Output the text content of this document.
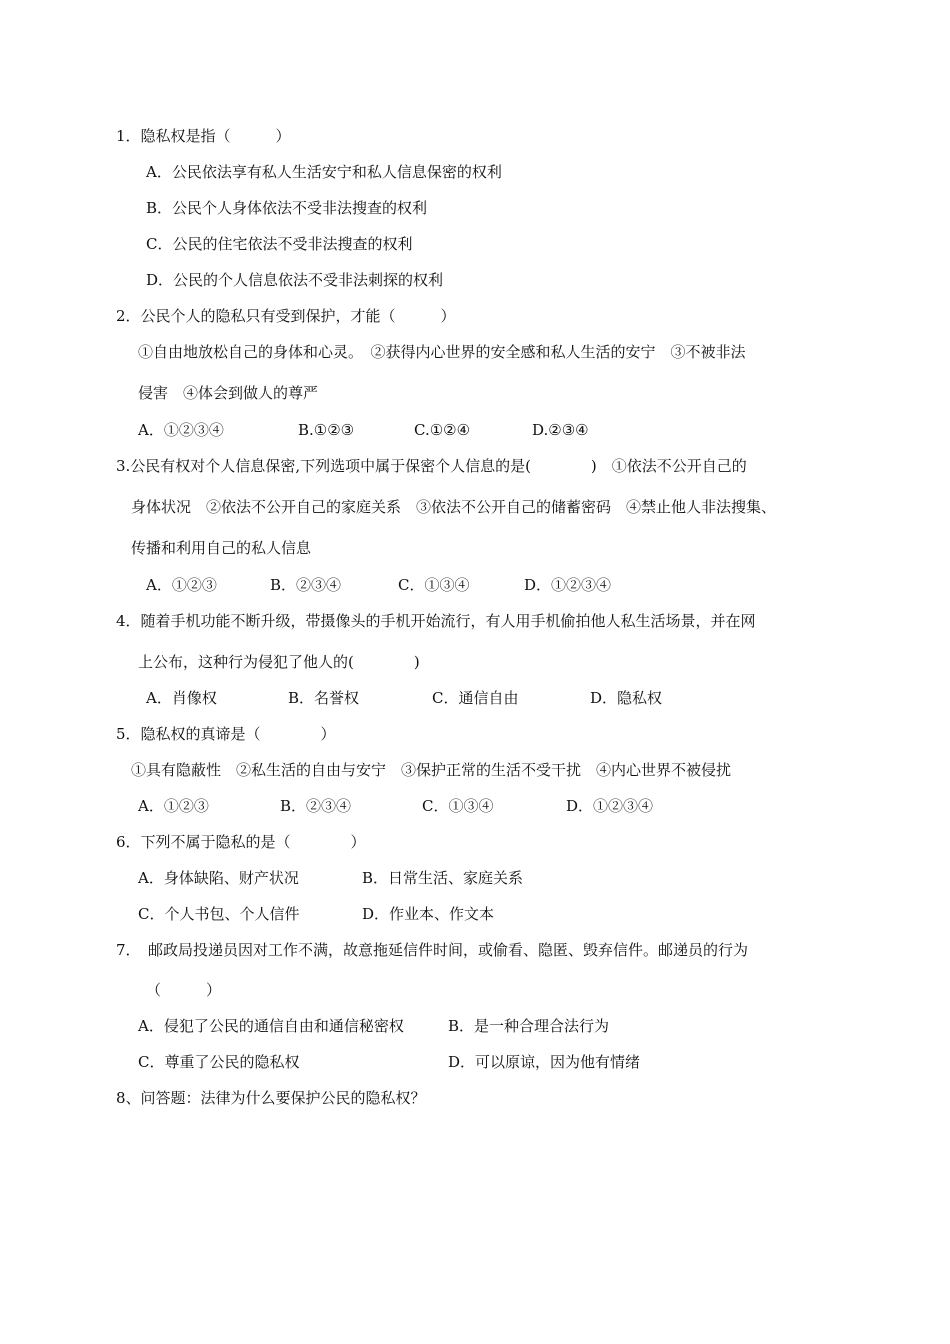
1．隐私权是指（　　　）
A．公民依法享有私人生活安宁和私人信息保密的权利
B．公民个人身体依法不受非法搜查的权利
C．公民的住宅依法不受非法搜查的权利
D．公民的个人信息依法不受非法刺探的权利
2．公民个人的隐私只有受到保护，才能（　　　）
①自由地放松自己的身体和心灵。　②获得内心世界的安全感和私人生活的安宁　③不被非法
侵害　④体会到做人的尊严
A．①②③④	B.①②③	C.①②④	D.②③④
3.公民有权对个人信息保密,下列选项中属于保密个人信息的是(　　　　)　①依法不公开自己的
身体状况　②依法不公开自己的家庭关系　③依法不公开自己的储蓄密码　④禁止他人非法搜集、
传播和利用自己的私人信息
A．①②③	B．②③④	C．①③④	D．①②③④
4．随着手机功能不断升级，带摄像头的手机开始流行，有人用手机偷拍他人私生活场景，并在网
上公布，这种行为侵犯了他人的(　　　　)
A．肖像权	B．名誉权	C．通信自由	D．隐私权
5．隐私权的真谛是（　　　　）
①具有隐蔽性　②私生活的自由与安宁　③保护正常的生活不受干扰　④内心世界不被侵扰
A．①②③	B．②③④	C．①③④	D．①②③④
6．下列不属于隐私的是（　　　　）
A．身体缺陷、财产状况	B．日常生活、家庭关系
C．个人书包、个人信件	D．作业本、作文本
7．　邮政局投递员因对工作不满，故意拖延信件时间，或偷看、隐匿、毁弃信件。邮递员的行为
（　　　）
A．侵犯了公民的通信自由和通信秘密权	B．是一种合理合法行为
C．尊重了公民的隐私权	D．可以原谅，因为他有情绪
8、问答题：法律为什么要保护公民的隐私权？
